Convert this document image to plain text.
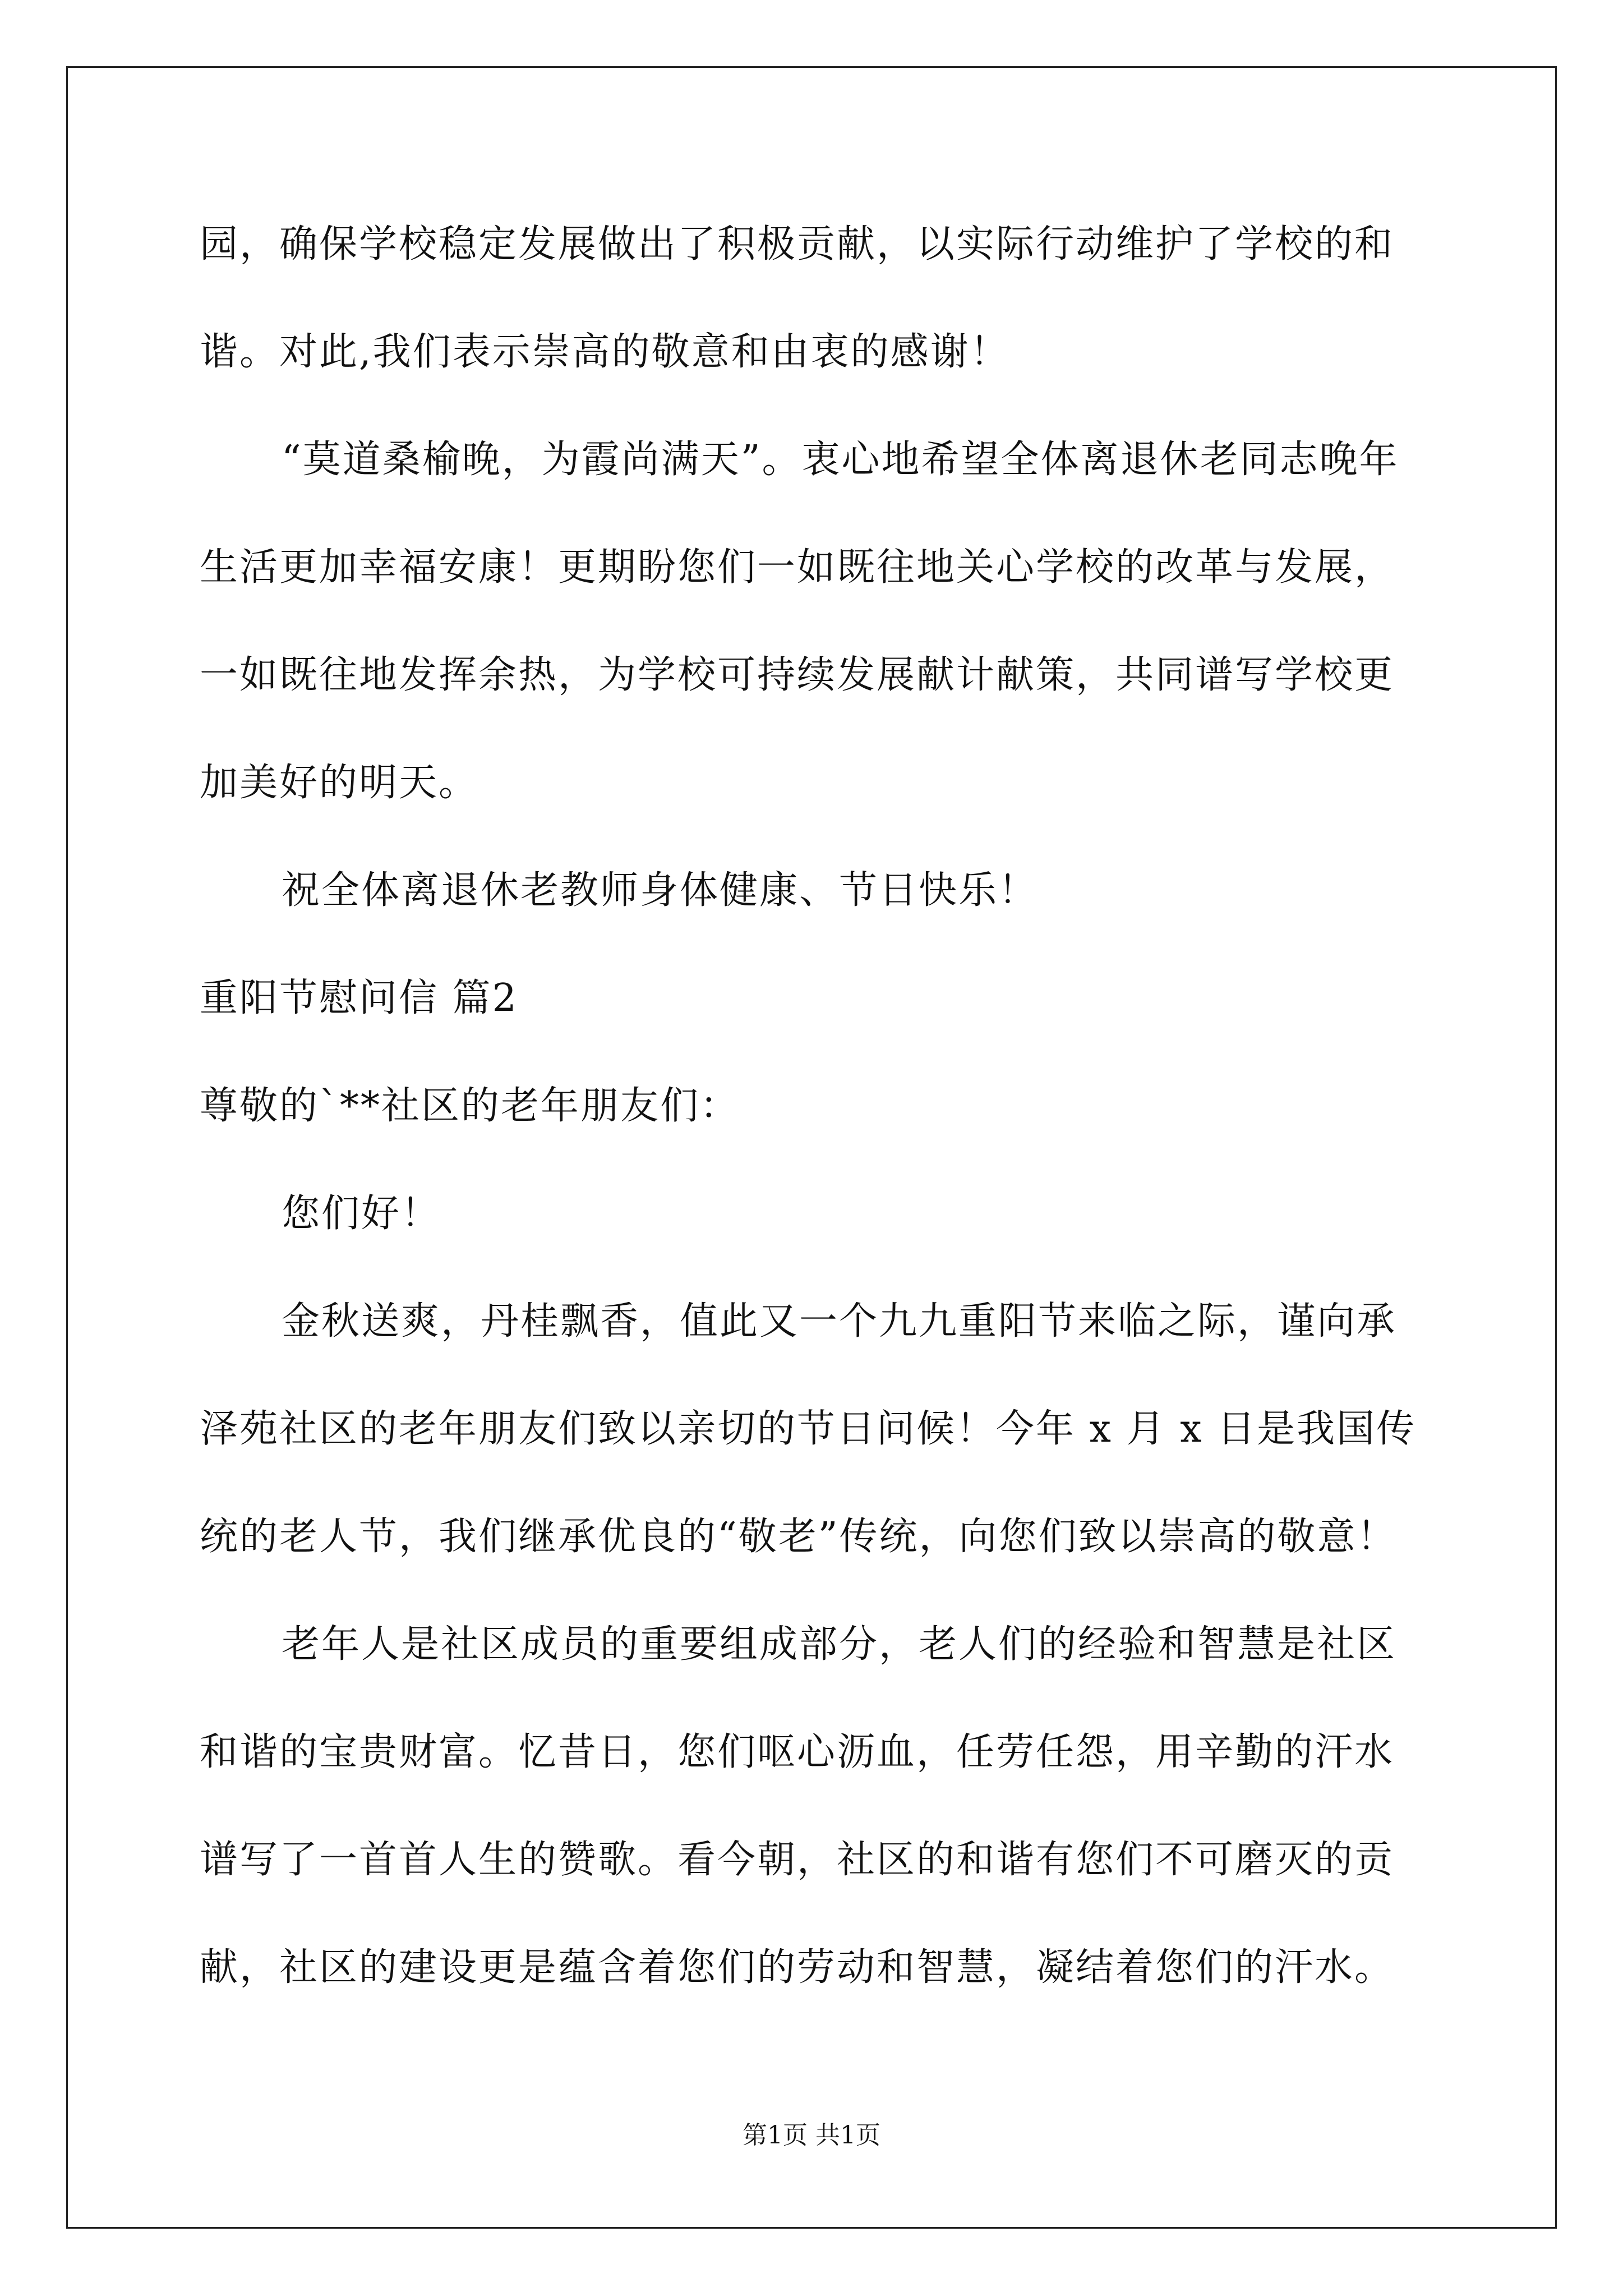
园，确保学校稳定发展做出了积极贡献，以实际行动维护了学校的和
谐。对此,我们表示崇高的敬意和由衷的感谢！
“莫道桑榆晚，为霞尚满天”。衷心地希望全体离退休老同志晚年
生活更加幸福安康！更期盼您们一如既往地关心学校的改革与发展，
一如既往地发挥余热，为学校可持续发展献计献策，共同谱写学校更
加美好的明天。
祝全体离退休老教师身体健康、节日快乐！
重阳节慰问信 篇2
尊敬的`**社区的老年朋友们：
您们好！
金秋送爽，丹桂飘香，值此又一个九九重阳节来临之际，谨向承
泽苑社区的老年朋友们致以亲切的节日问候！今年 x 月 x 日是我国传
统的老人节，我们继承优良的“敬老”传统，向您们致以崇高的敬意！
老年人是社区成员的重要组成部分，老人们的经验和智慧是社区
和谐的宝贵财富。忆昔日，您们呕心沥血，任劳任怨，用辛勤的汗水
谱写了一首首人生的赞歌。看今朝，社区的和谐有您们不可磨灭的贡
献，社区的建设更是蕴含着您们的劳动和智慧，凝结着您们的汗水。
第1页 共1页
